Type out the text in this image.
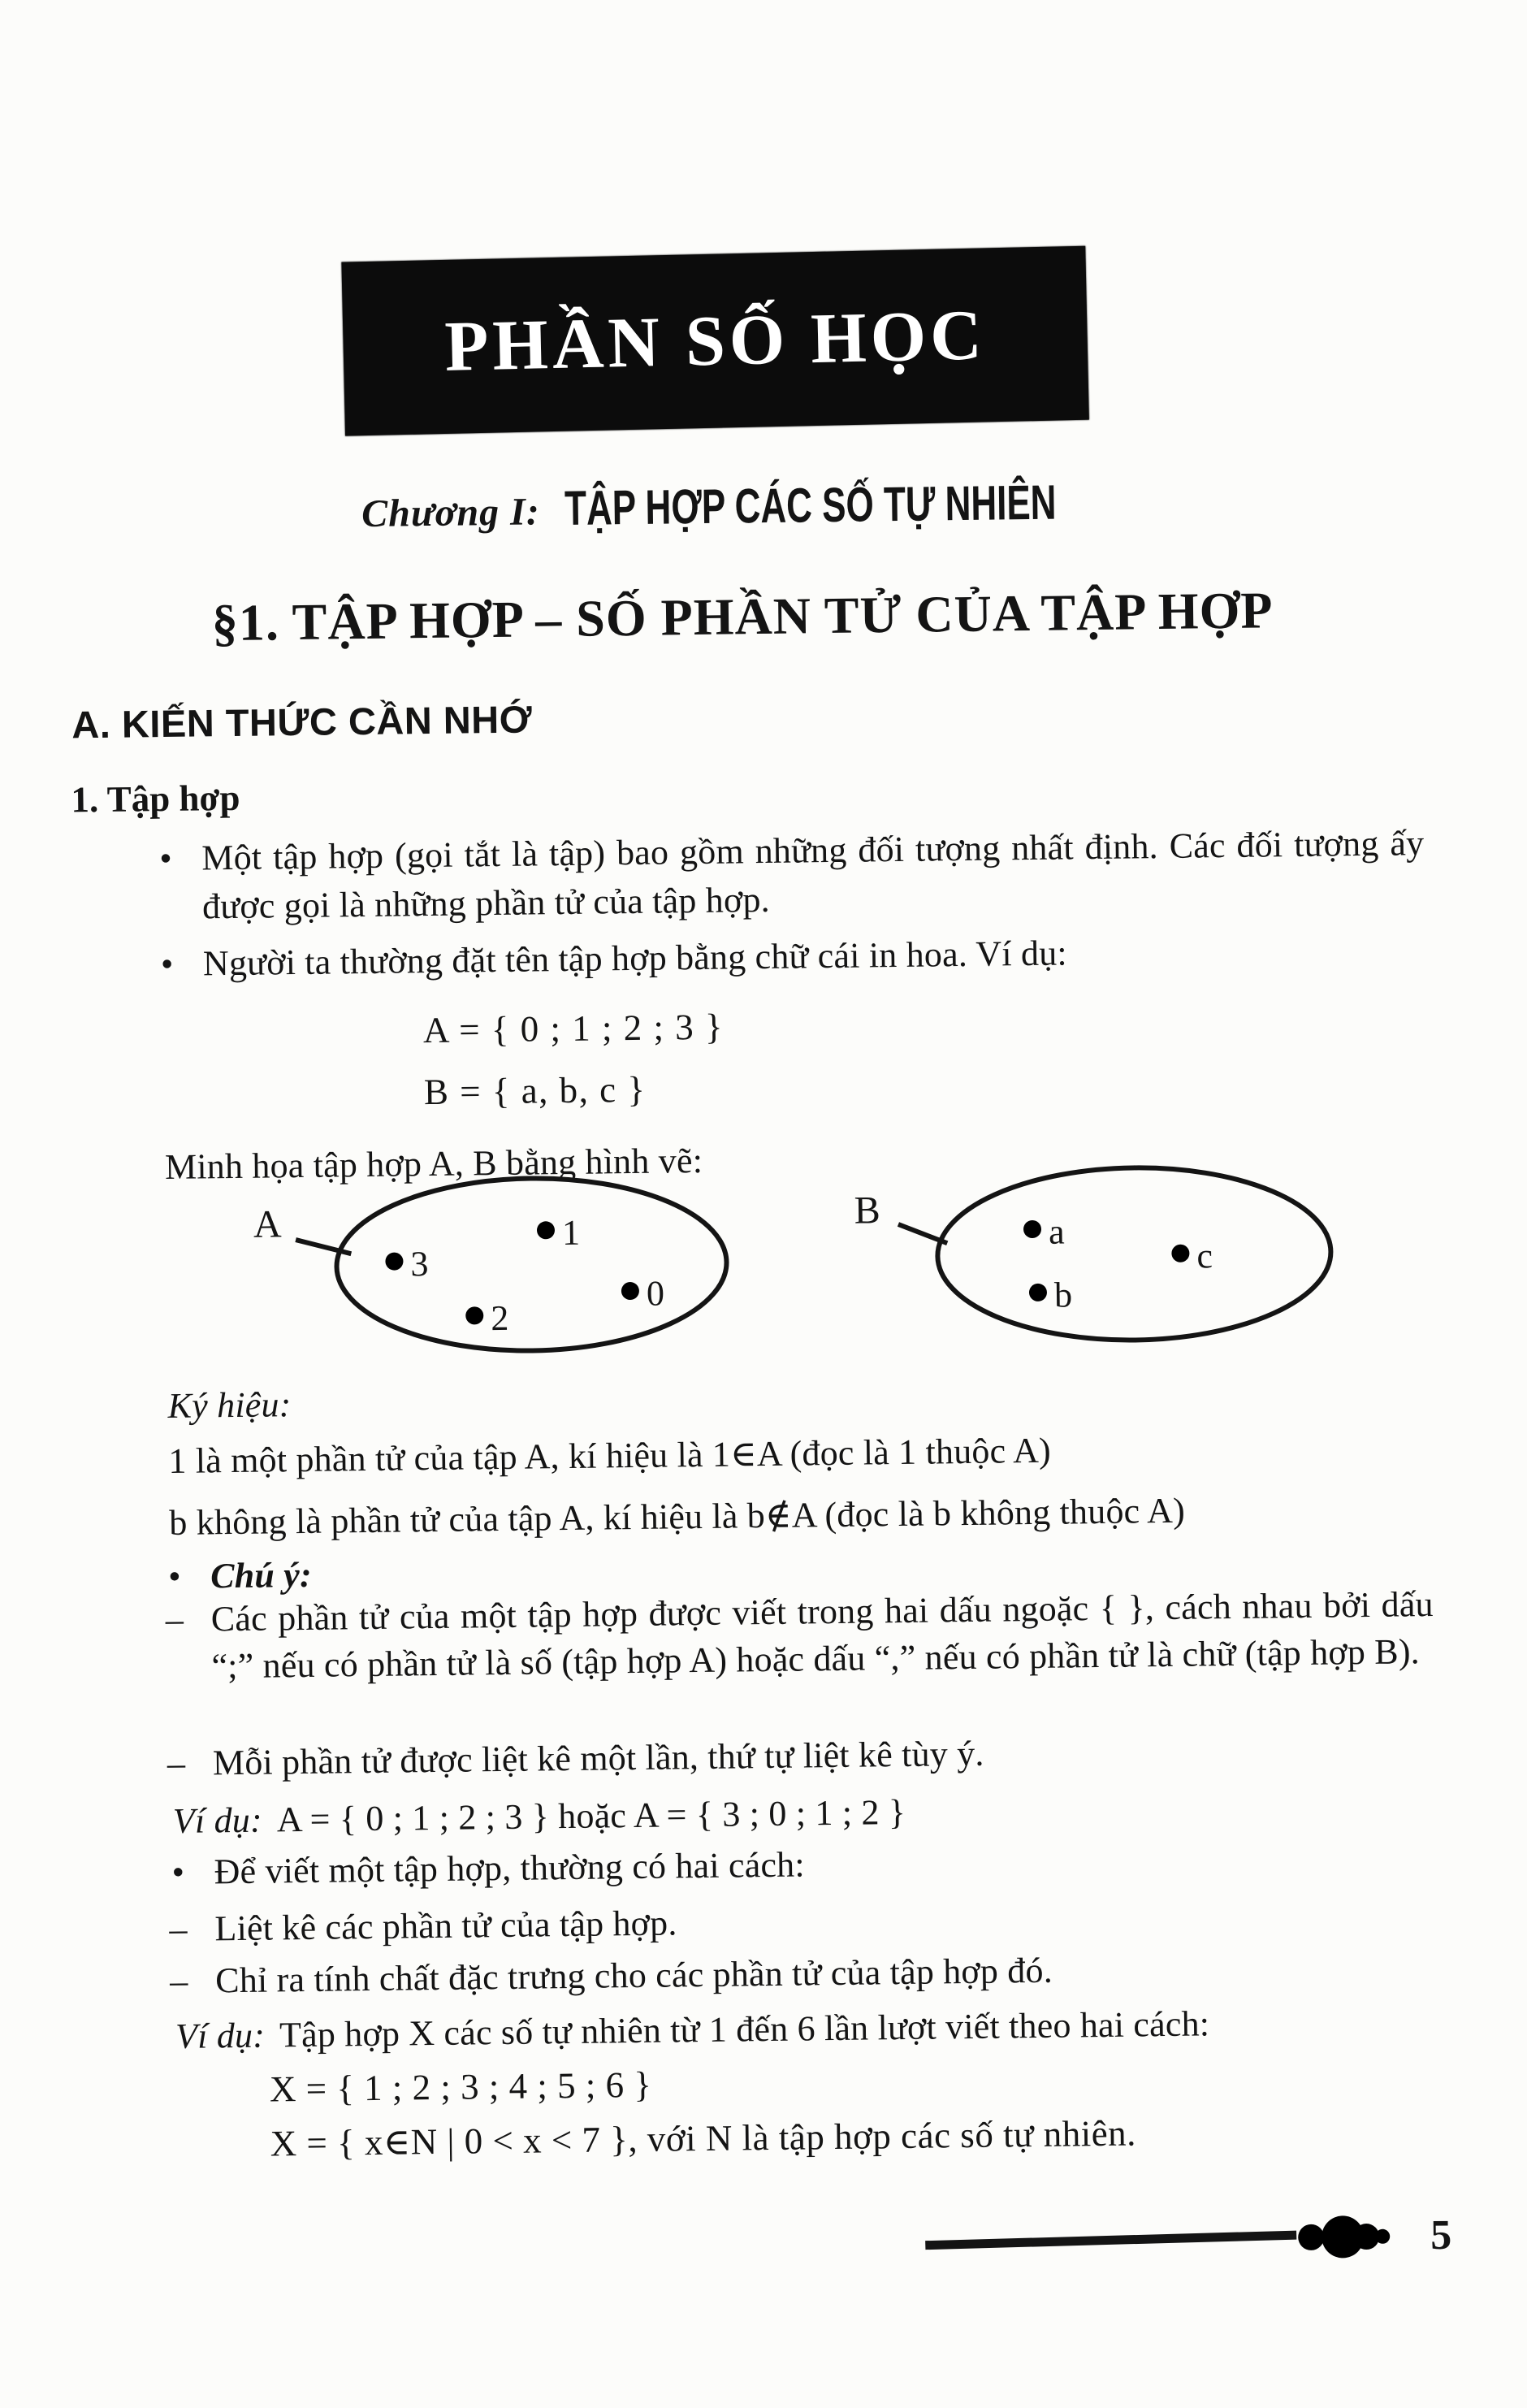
PHẦN SỐ HỌC
Chương I: TẬP HỢP CÁC SỐ TỰ NHIÊN
§1. TẬP HỢP – SỐ PHẦN TỬ CỦA TẬP HỢP
A. KIẾN THỨC CẦN NHỚ
1. Tập hợp
• Một tập hợp (gọi tắt là tập) bao gồm những đối tượng nhất định. Các đối tượng ấy được gọi là những phần tử của tập hợp.
• Người ta thường đặt tên tập hợp bằng chữ cái in hoa. Ví dụ:
A = { 0 ; 1 ; 2 ; 3 }
B = { a, b, c }
Minh họa tập hợp A, B bằng hình vẽ:
A	1
3
0
2
B	a
c
b
Ký hiệu:
1 là một phần tử của tập A, kí hiệu là 1∈A (đọc là 1 thuộc A)
b không là phần tử của tập A, kí hiệu là b∉A (đọc là b không thuộc A)
• Chú ý:
– Các phần tử của một tập hợp được viết trong hai dấu ngoặc { }, cách nhau bởi dấu “;” nếu có phần tử là số (tập hợp A) hoặc dấu “,” nếu có phần tử là chữ (tập hợp B).
– Mỗi phần tử được liệt kê một lần, thứ tự liệt kê tùy ý.
Ví dụ: A = { 0 ; 1 ; 2 ; 3 } hoặc A = { 3 ; 0 ; 1 ; 2 }
• Để viết một tập hợp, thường có hai cách:
– Liệt kê các phần tử của tập hợp.
– Chỉ ra tính chất đặc trưng cho các phần tử của tập hợp đó.
Ví dụ: Tập hợp X các số tự nhiên từ 1 đến 6 lần lượt viết theo hai cách:
X = { 1 ; 2 ; 3 ; 4 ; 5 ; 6 }
X = { x∈N | 0 < x < 7 }, với N là tập hợp các số tự nhiên.
5
